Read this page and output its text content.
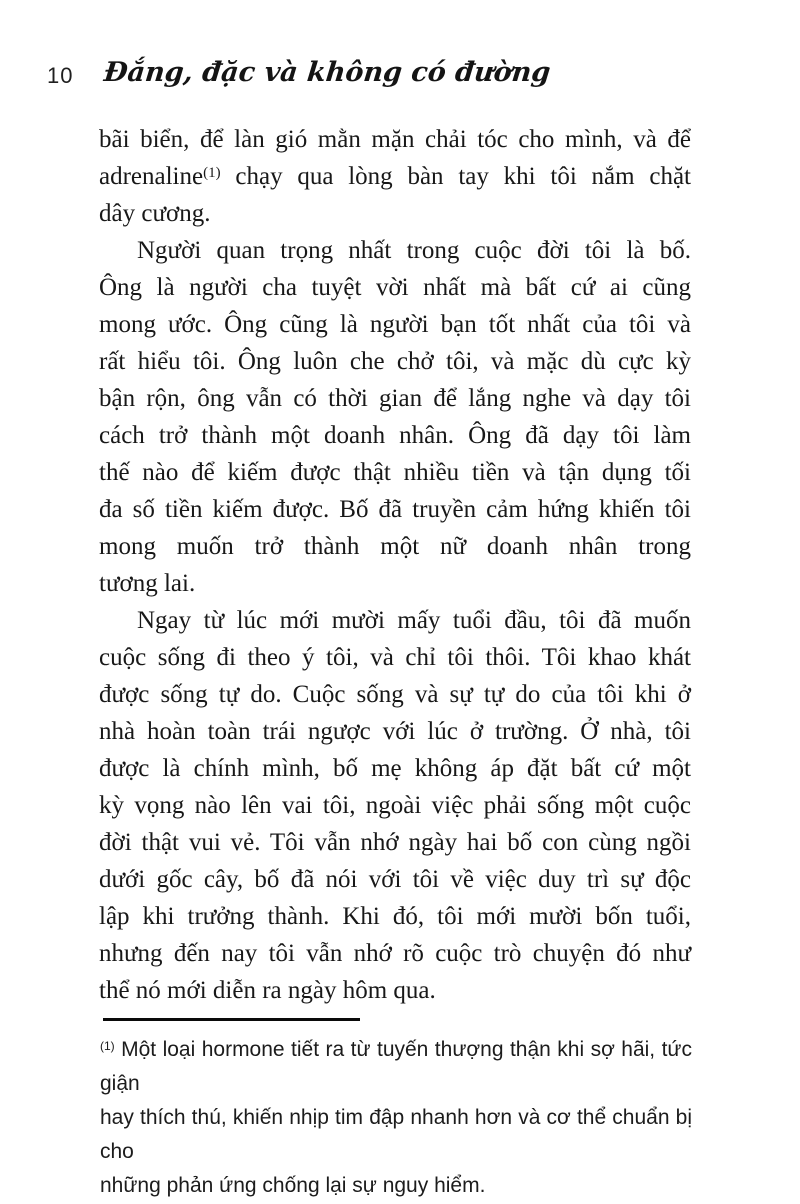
10 Đắng, đặc và không có đường
bãi biển, để làn gió mằn mặn chải tóc cho mình, và để
adrenaline$^{(1)}$ chạy qua lòng bàn tay khi tôi nắm chặt
dây cương.
Người quan trọng nhất trong cuộc đời tôi là bố.
Ông là người cha tuyệt vời nhất mà bất cứ ai cũng
mong ước. Ông cũng là người bạn tốt nhất của tôi và
rất hiểu tôi. Ông luôn che chở tôi, và mặc dù cực kỳ
bận rộn, ông vẫn có thời gian để lắng nghe và dạy tôi
cách trở thành một doanh nhân. Ông đã dạy tôi làm
thế nào để kiếm được thật nhiều tiền và tận dụng tối
đa số tiền kiếm được. Bố đã truyền cảm hứng khiến tôi
mong muốn trở thành một nữ doanh nhân trong
tương lai.
Ngay từ lúc mới mười mấy tuổi đầu, tôi đã muốn
cuộc sống đi theo ý tôi, và chỉ tôi thôi. Tôi khao khát
được sống tự do. Cuộc sống và sự tự do của tôi khi ở
nhà hoàn toàn trái ngược với lúc ở trường. Ở nhà, tôi
được là chính mình, bố mẹ không áp đặt bất cứ một
kỳ vọng nào lên vai tôi, ngoài việc phải sống một cuộc
đời thật vui vẻ. Tôi vẫn nhớ ngày hai bố con cùng ngồi
dưới gốc cây, bố đã nói với tôi về việc duy trì sự độc
lập khi trưởng thành. Khi đó, tôi mới mười bốn tuổi,
nhưng đến nay tôi vẫn nhớ rõ cuộc trò chuyện đó như
thể nó mới diễn ra ngày hôm qua.
$^{(1)}$ Một loại hormone tiết ra từ tuyến thượng thận khi sợ hãi, tức giận
hay thích thú, khiến nhịp tim đập nhanh hơn và cơ thể chuẩn bị cho
những phản ứng chống lại sự nguy hiểm.
